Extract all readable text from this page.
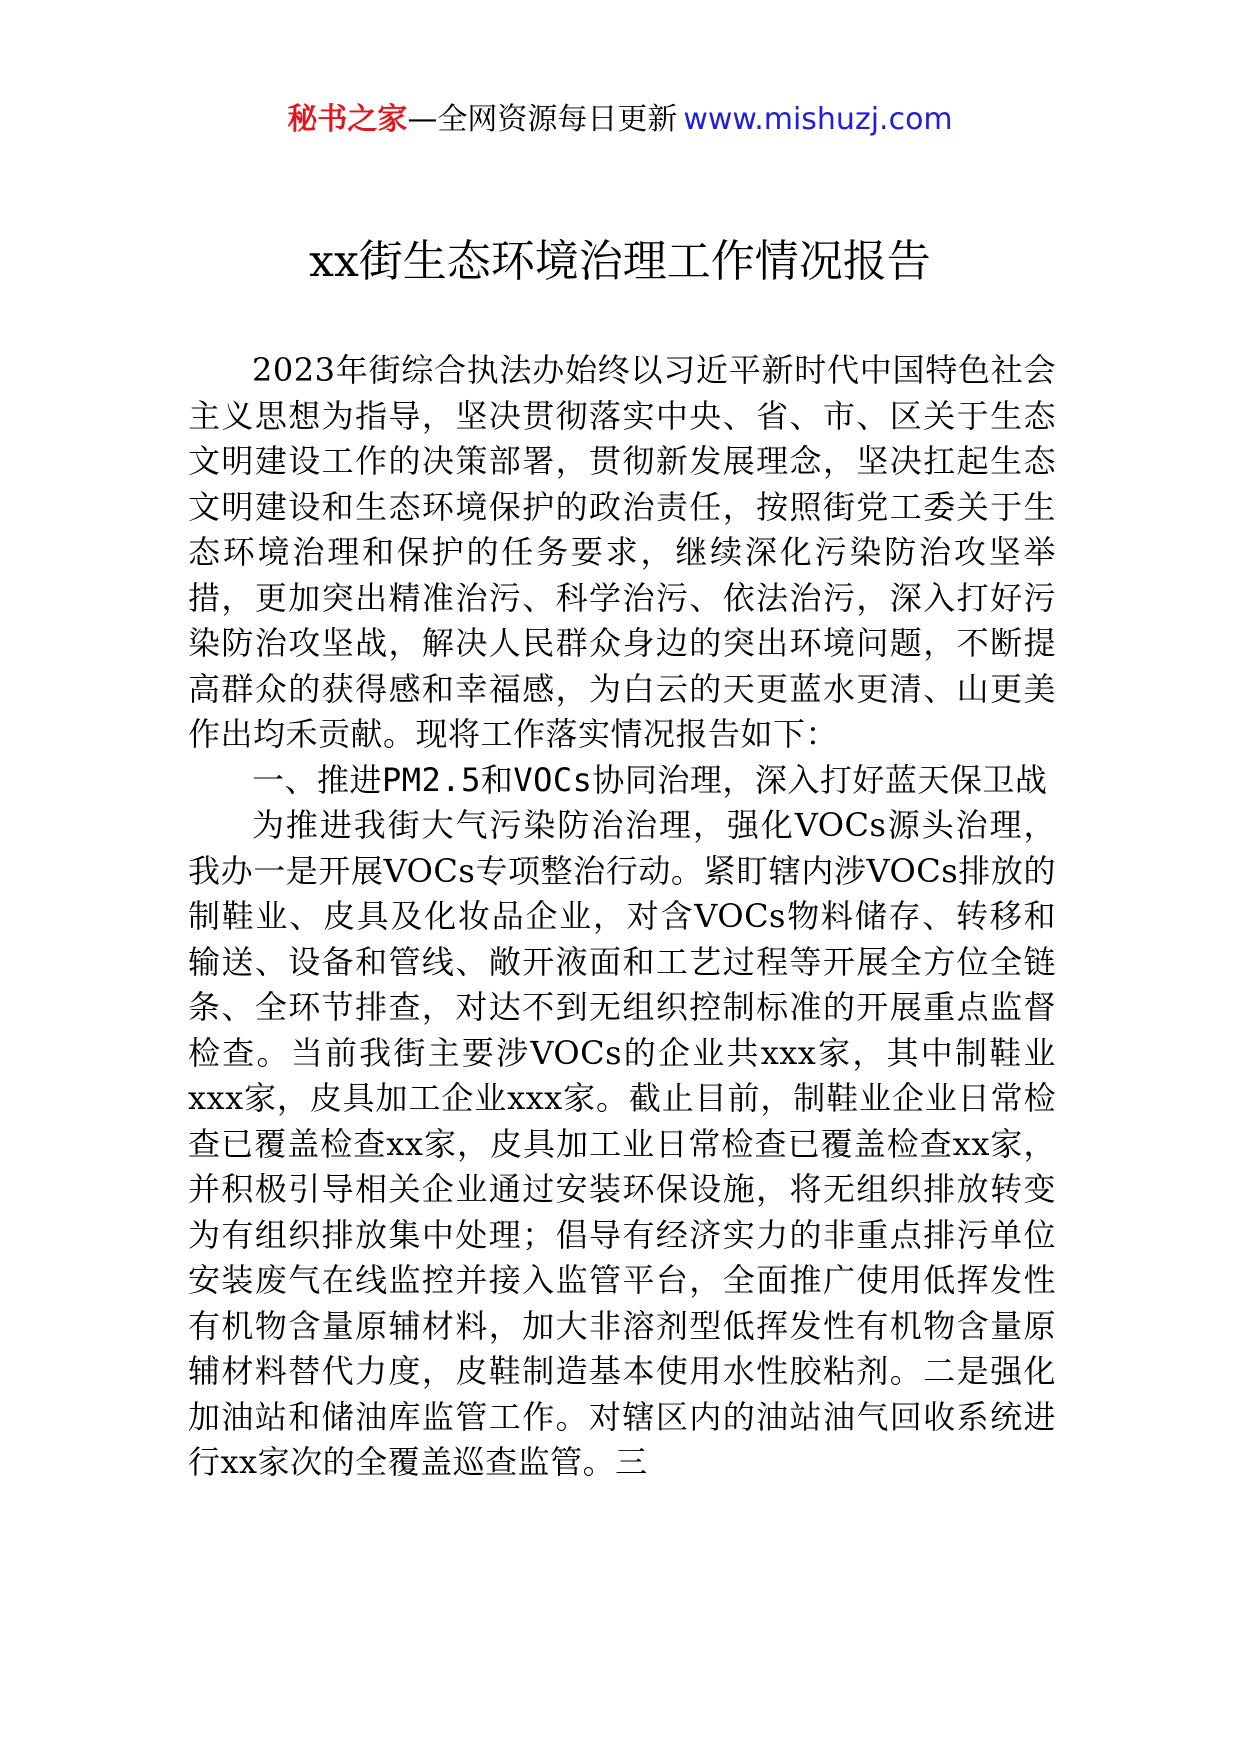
秘书之家—全网资源每日更新 www.mishuzj.com
xx街生态环境治理工作情况报告

2023年街综合执法办始终以习近平新时代中国特色社会主义思想为指导，坚决贯彻落实中央、省、市、区关于生态文明建设工作的决策部署，贯彻新发展理念，坚决扛起生态文明建设和生态环境保护的政治责任，按照街党工委关于生态环境治理和保护的任务要求，继续深化污染防治攻坚举措，更加突出精准治污、科学治污、依法治污，深入打好污染防治攻坚战，解决人民群众身边的突出环境问题，不断提高群众的获得感和幸福感，为白云的天更蓝水更清、山更美作出均禾贡献。现将工作落实情况报告如下：

一、推进PM2.5和VOCs协同治理，深入打好蓝天保卫战

为推进我街大气污染防治治理，强化VOCs源头治理，我办一是开展VOCs专项整治行动。紧盯辖内涉VOCs排放的制鞋业、皮具及化妆品企业，对含VOCs物料储存、转移和输送、设备和管线、敞开液面和工艺过程等开展全方位全链条、全环节排查，对达不到无组织控制标准的开展重点监督检查。当前我街主要涉VOCs的企业共xxx家，其中制鞋业xxx家，皮具加工企业xxx家。截止目前，制鞋业企业日常检查已覆盖检查xx家，皮具加工业日常检查已覆盖检查xx家，并积极引导相关企业通过安装环保设施，将无组织排放转变为有组织排放集中处理；倡导有经济实力的非重点排污单位安装废气在线监控并接入监管平台，全面推广使用低挥发性有机物含量原辅材料，加大非溶剂型低挥发性有机物含量原辅材料替代力度，皮鞋制造基本使用水性胶粘剂。二是强化加油站和储油库监管工作。对辖区内的油站油气回收系统进行xx家次的全覆盖巡查监管。三
